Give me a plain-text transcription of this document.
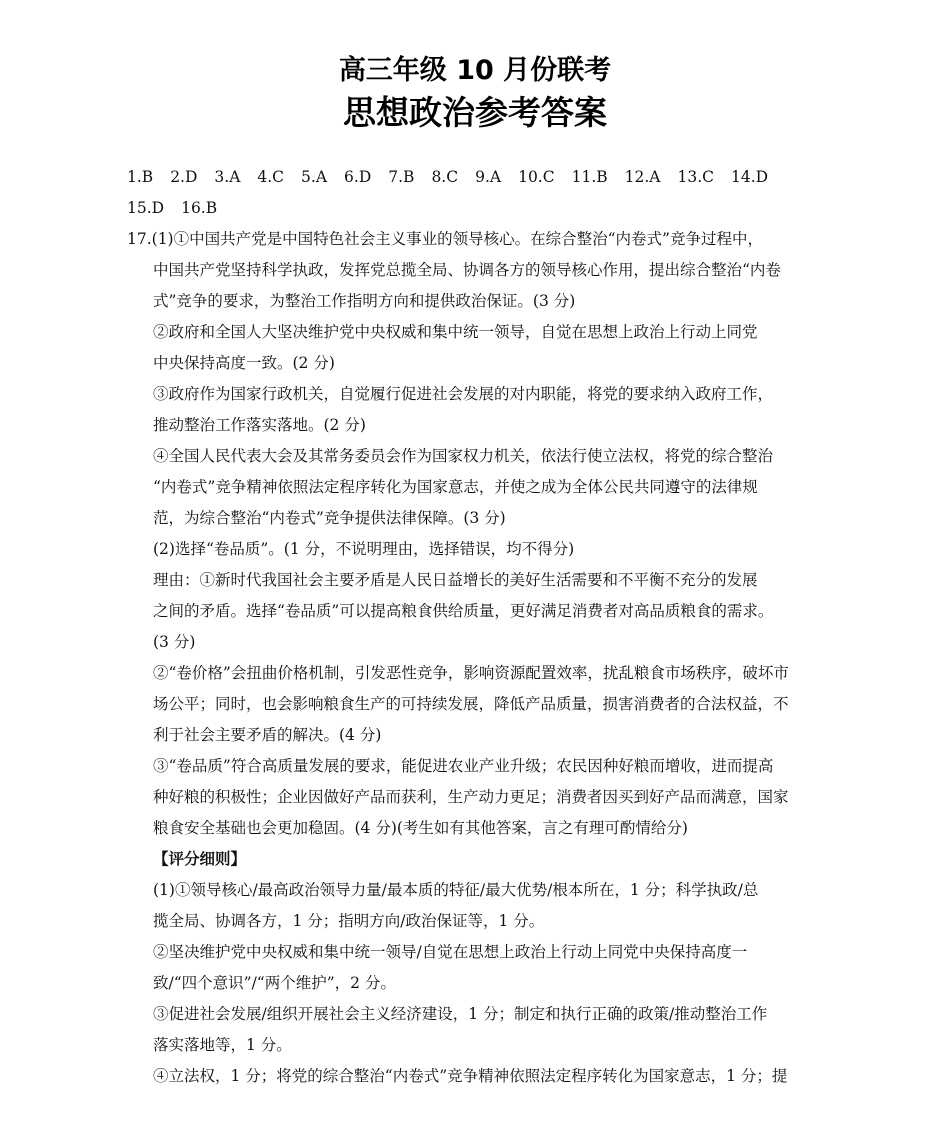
高三年级 10 月份联考
思想政治参考答案
1.B 2.D 3.A 4.C 5.A 6.D 7.B 8.C 9.A 10.C 11.B 12.A 13.C 14.D
15.D 16.B
17.(1)①中国共产党是中国特色社会主义事业的领导核心。在综合整治“内卷式”竞争过程中，
中国共产党坚持科学执政，发挥党总揽全局、协调各方的领导核心作用，提出综合整治“内卷
式”竞争的要求，为整治工作指明方向和提供政治保证。(3 分)
②政府和全国人大坚决维护党中央权威和集中统一领导，自觉在思想上政治上行动上同党
中央保持高度一致。(2 分)
③政府作为国家行政机关，自觉履行促进社会发展的对内职能，将党的要求纳入政府工作，
推动整治工作落实落地。(2 分)
④全国人民代表大会及其常务委员会作为国家权力机关，依法行使立法权，将党的综合整治
“内卷式”竞争精神依照法定程序转化为国家意志，并使之成为全体公民共同遵守的法律规
范，为综合整治“内卷式”竞争提供法律保障。(3 分)
(2)选择“卷品质”。(1 分，不说明理由，选择错误，均不得分)
理由：①新时代我国社会主要矛盾是人民日益增长的美好生活需要和不平衡不充分的发展
之间的矛盾。选择“卷品质”可以提高粮食供给质量，更好满足消费者对高品质粮食的需求。
(3 分)
②“卷价格”会扭曲价格机制，引发恶性竞争，影响资源配置效率，扰乱粮食市场秩序，破坏市
场公平；同时，也会影响粮食生产的可持续发展，降低产品质量，损害消费者的合法权益，不
利于社会主要矛盾的解决。(4 分)
③“卷品质”符合高质量发展的要求，能促进农业产业升级；农民因种好粮而增收，进而提高
种好粮的积极性；企业因做好产品而获利，生产动力更足；消费者因买到好产品而满意，国家
粮食安全基础也会更加稳固。(4 分)(考生如有其他答案，言之有理可酌情给分)
【评分细则】
(1)①领导核心/最高政治领导力量/最本质的特征/最大优势/根本所在，1 分；科学执政/总
揽全局、协调各方，1 分；指明方向/政治保证等，1 分。
②坚决维护党中央权威和集中统一领导/自觉在思想上政治上行动上同党中央保持高度一
致/“四个意识”/“两个维护”，2 分。
③促进社会发展/组织开展社会主义经济建设，1 分；制定和执行正确的政策/推动整治工作
落实落地等，1 分。
④立法权，1 分；将党的综合整治“内卷式”竞争精神依照法定程序转化为国家意志，1 分；提
